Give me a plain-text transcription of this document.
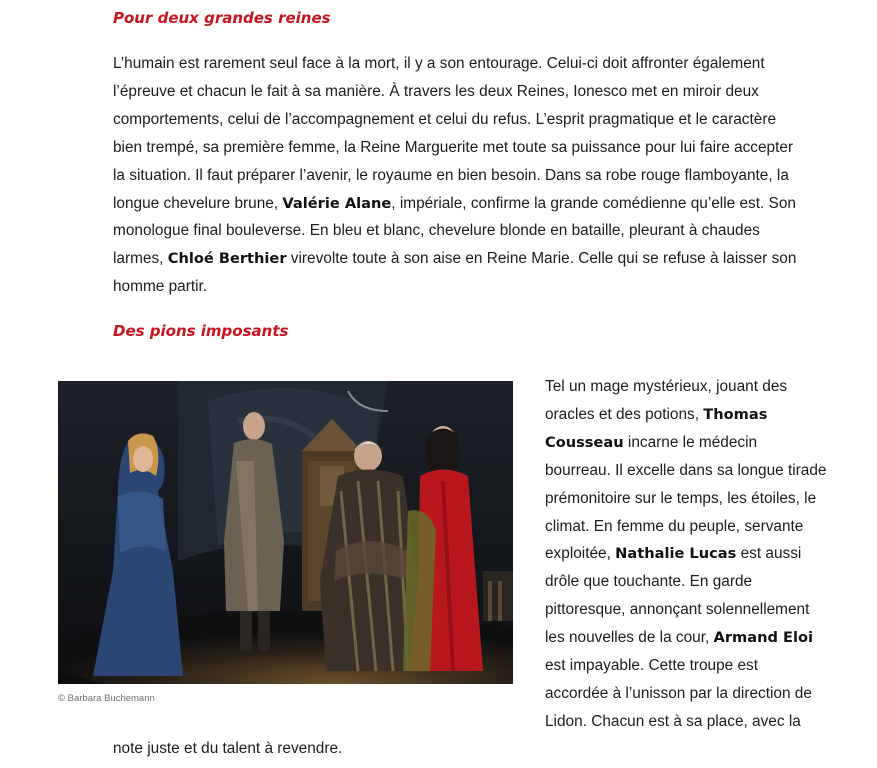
Pour deux grandes reines
L’humain est rarement seul face à la mort, il y a son entourage. Celui-ci doit affronter également
l’épreuve et chacun le fait à sa manière. À travers les deux Reines, Ionesco met en miroir deux
comportements, celui de l’accompagnement et celui du refus. L’esprit pragmatique et le caractère
bien trempé, sa première femme, la Reine Marguerite met toute sa puissance pour lui faire accepter
la situation. Il faut préparer l’avenir, le royaume en bien besoin. Dans sa robe rouge flamboyante, la
longue chevelure brune, Valérie Alane, impériale, confirme la grande comédienne qu’elle est. Son
monologue final bouleverse. En bleu et blanc, chevelure blonde en bataille, pleurant à chaudes
larmes, Chloé Berthier virevolte toute à son aise en Reine Marie. Celle qui se refuse à laisser son
homme partir.
Des pions imposants
© Barbara Buchemann
Tel un mage mystérieux, jouant des
oracles et des potions, Thomas
Cousseau incarne le médecin
bourreau. Il excelle dans sa longue tirade
prémonitoire sur le temps, les étoiles, le
climat. En femme du peuple, servante
exploitée, Nathalie Lucas est aussi
drôle que touchante. En garde
pittoresque, annonçant solennellement
les nouvelles de la cour, Armand Eloi
est impayable. Cette troupe est
accordée à l’unisson par la direction de
Lidon. Chacun est à sa place, avec la
note juste et du talent à revendre.
